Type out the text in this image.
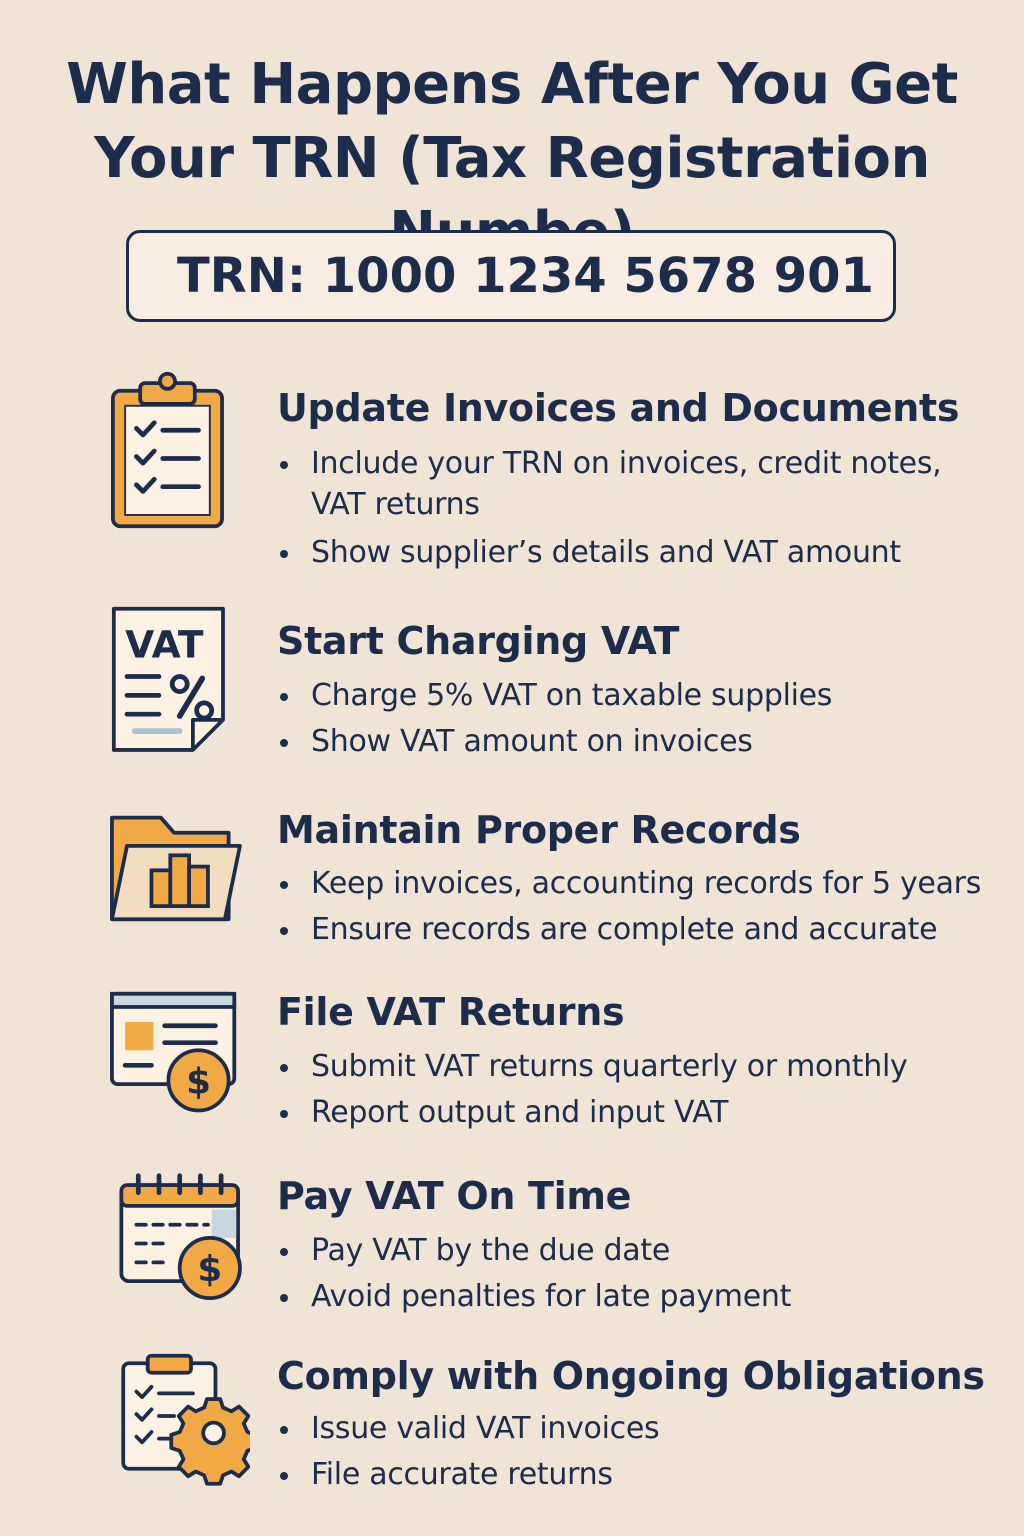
What Happens After You Get
Your TRN (Tax Registration
TRN: 1000 1234 5678 901
Update Invoices and Documents
Include your TRN on invoices, credit notes,
VAT returns
Show supplier’s details and VAT amount
VAT Start Charging VAT
Charge 5% VAT on taxable supplies
Show VAT amount on invoices
Maintain Proper Records
Keep invoices, accounting records for 5 years
Ensure records are complete and accurate
$
File VAT Returns
Submit VAT returns quarterly or monthly
Report output and input VAT
$
Pay VAT On Time
Pay VAT by the due date
Avoid penalties for late payment
Comply with Ongoing Obligations
Issue valid VAT invoices
File accurate returns
